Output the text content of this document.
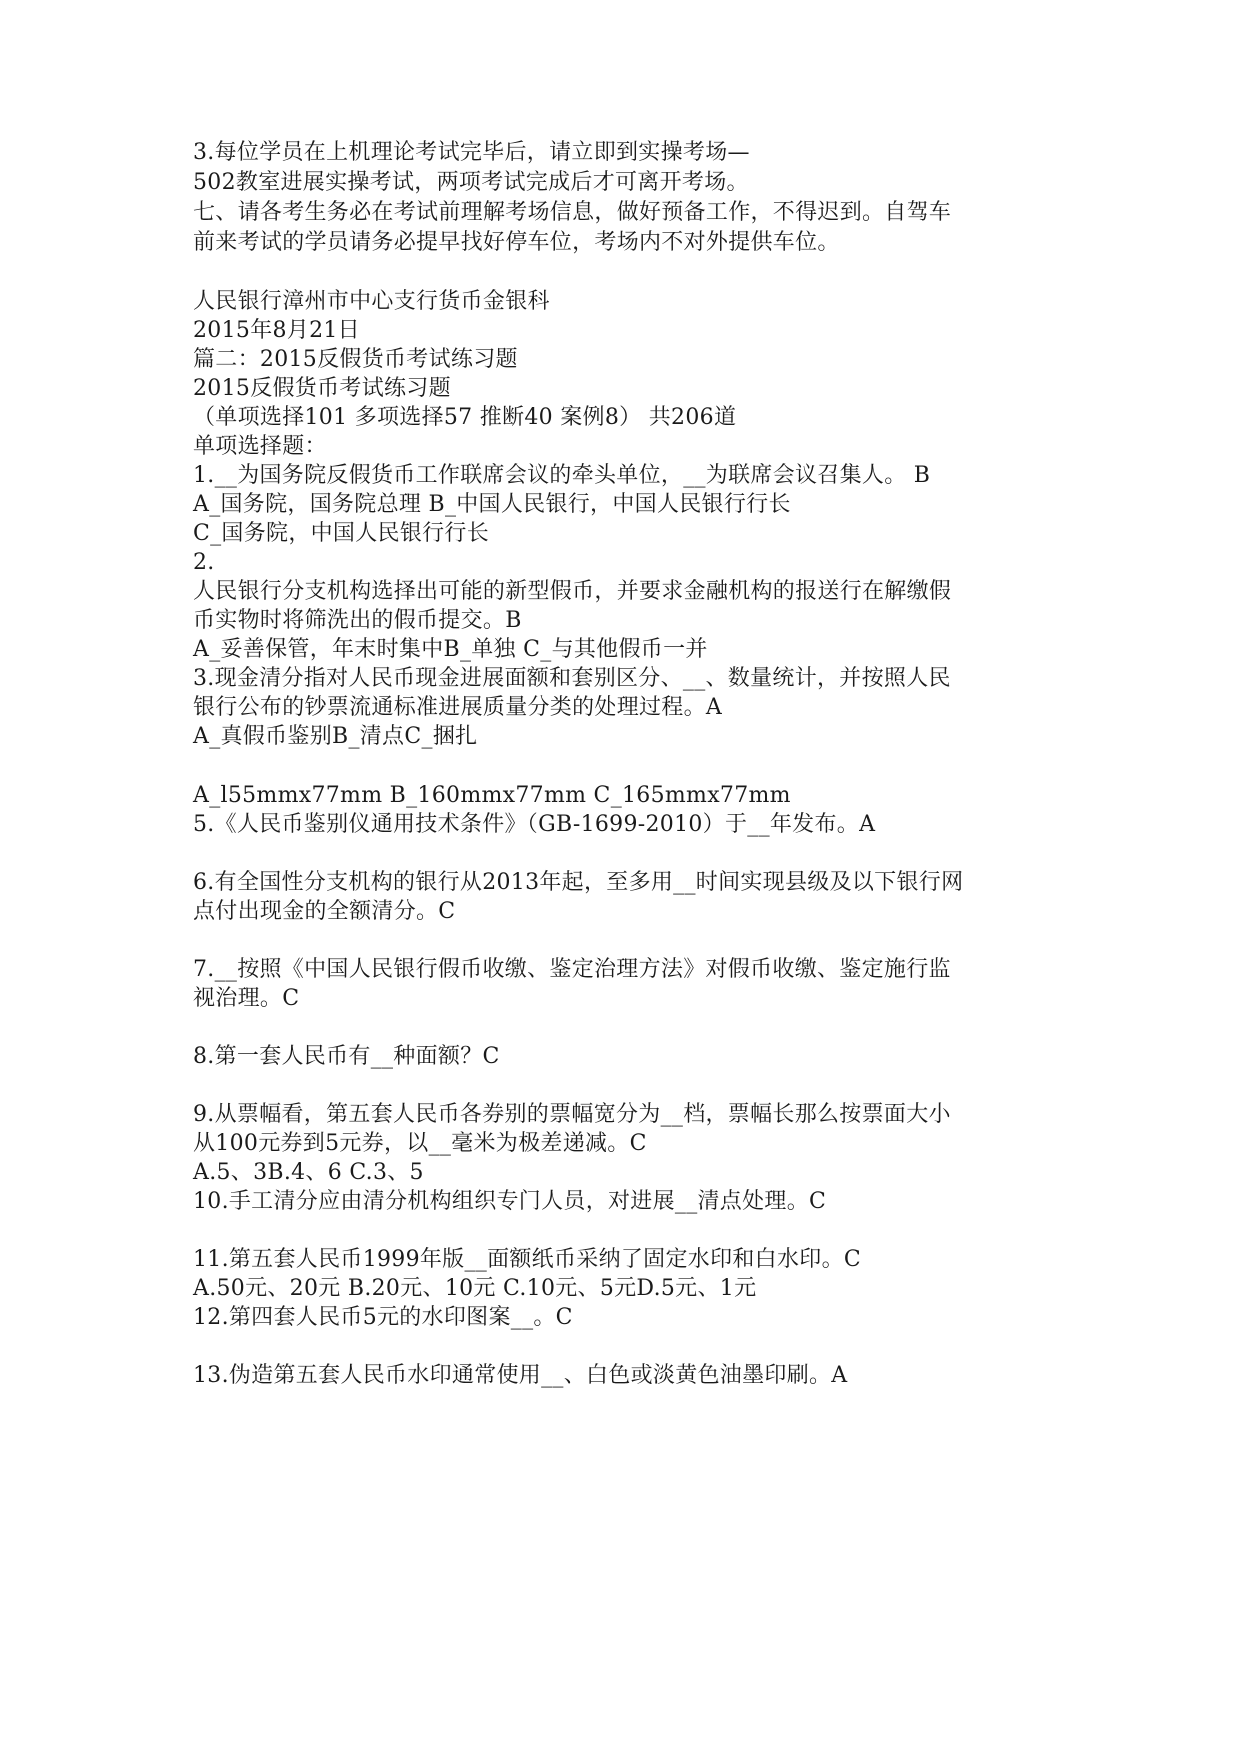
3.每位学员在上机理论考试完毕后，请立即到实操考场—
502教室进展实操考试，两项考试完成后才可离开考场。
七、请各考生务必在考试前理解考场信息，做好预备工作，不得迟到。自驾车
前来考试的学员请务必提早找好停车位，考场内不对外提供车位。
人民银行漳州市中心支行货币金银科
2015年8月21日
篇二：2015反假货币考试练习题
2015反假货币考试练习题
（单项选择101 多项选择57 推断40 案例8） 共206道
单项选择题：
1.__为国务院反假货币工作联席会议的牵头单位，__为联席会议召集人。 B
A_国务院，国务院总理 B_中国人民银行，中国人民银行行长
C_国务院，中国人民银行行长
2.
人民银行分支机构选择出可能的新型假币，并要求金融机构的报送行在解缴假
币实物时将筛洗出的假币提交。B
A_妥善保管，年末时集中B_单独 C_与其他假币一并
3.现金清分指对人民币现金进展面额和套别区分、__、数量统计，并按照人民
银行公布的钞票流通标准进展质量分类的处理过程。A
A_真假币鉴别B_清点C_捆扎
A_l55mmx77mm B_160mmx77mm C_165mmx77mm
5.《人民币鉴别仪通用技术条件》（GB-1699-2010）于__年发布。A
6.有全国性分支机构的银行从2013年起，至多用__时间实现县级及以下银行网
点付出现金的全额清分。C
7.__按照《中国人民银行假币收缴、鉴定治理方法》对假币收缴、鉴定施行监
视治理。C
8.第一套人民币有__种面额？C
9.从票幅看，第五套人民币各券别的票幅宽分为__档，票幅长那么按票面大小
从100元券到5元券，以__毫米为极差递减。C
A.5、3B.4、6 C.3、5
10.手工清分应由清分机构组织专门人员，对进展__清点处理。C
11.第五套人民币1999年版__面额纸币采纳了固定水印和白水印。C
A.50元、20元 B.20元、10元 C.10元、5元D.5元、1元
12.第四套人民币5元的水印图案__。C
13.伪造第五套人民币水印通常使用__、白色或淡黄色油墨印刷。A
